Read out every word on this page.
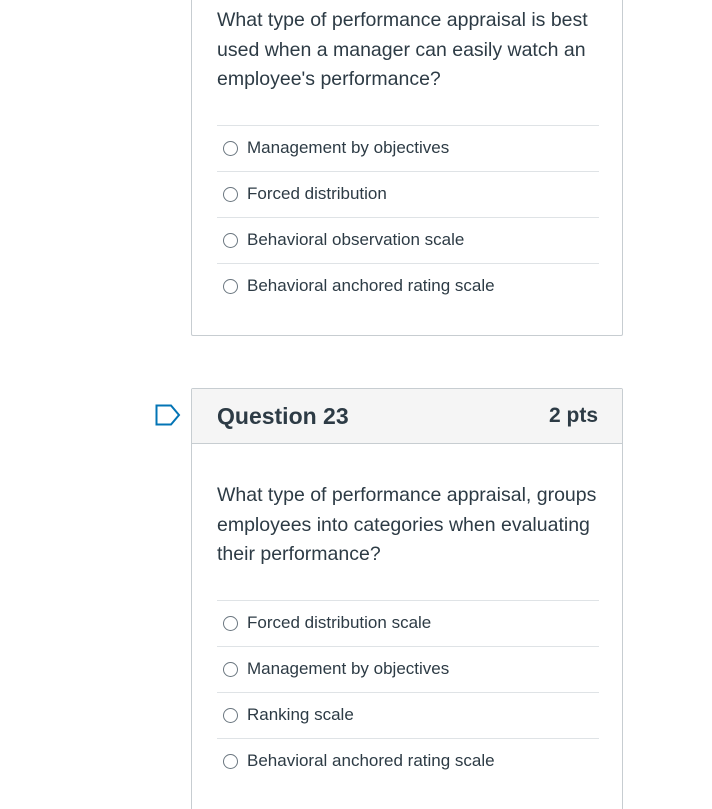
What type of performance appraisal is best used when a manager can easily watch an employee's performance?
Management by objectives
Forced distribution
Behavioral observation scale
Behavioral anchored rating scale
Question 23	2 pts
What type of performance appraisal, groups employees into categories when evaluating their performance?
Forced distribution scale
Management by objectives
Ranking scale
Behavioral anchored rating scale
